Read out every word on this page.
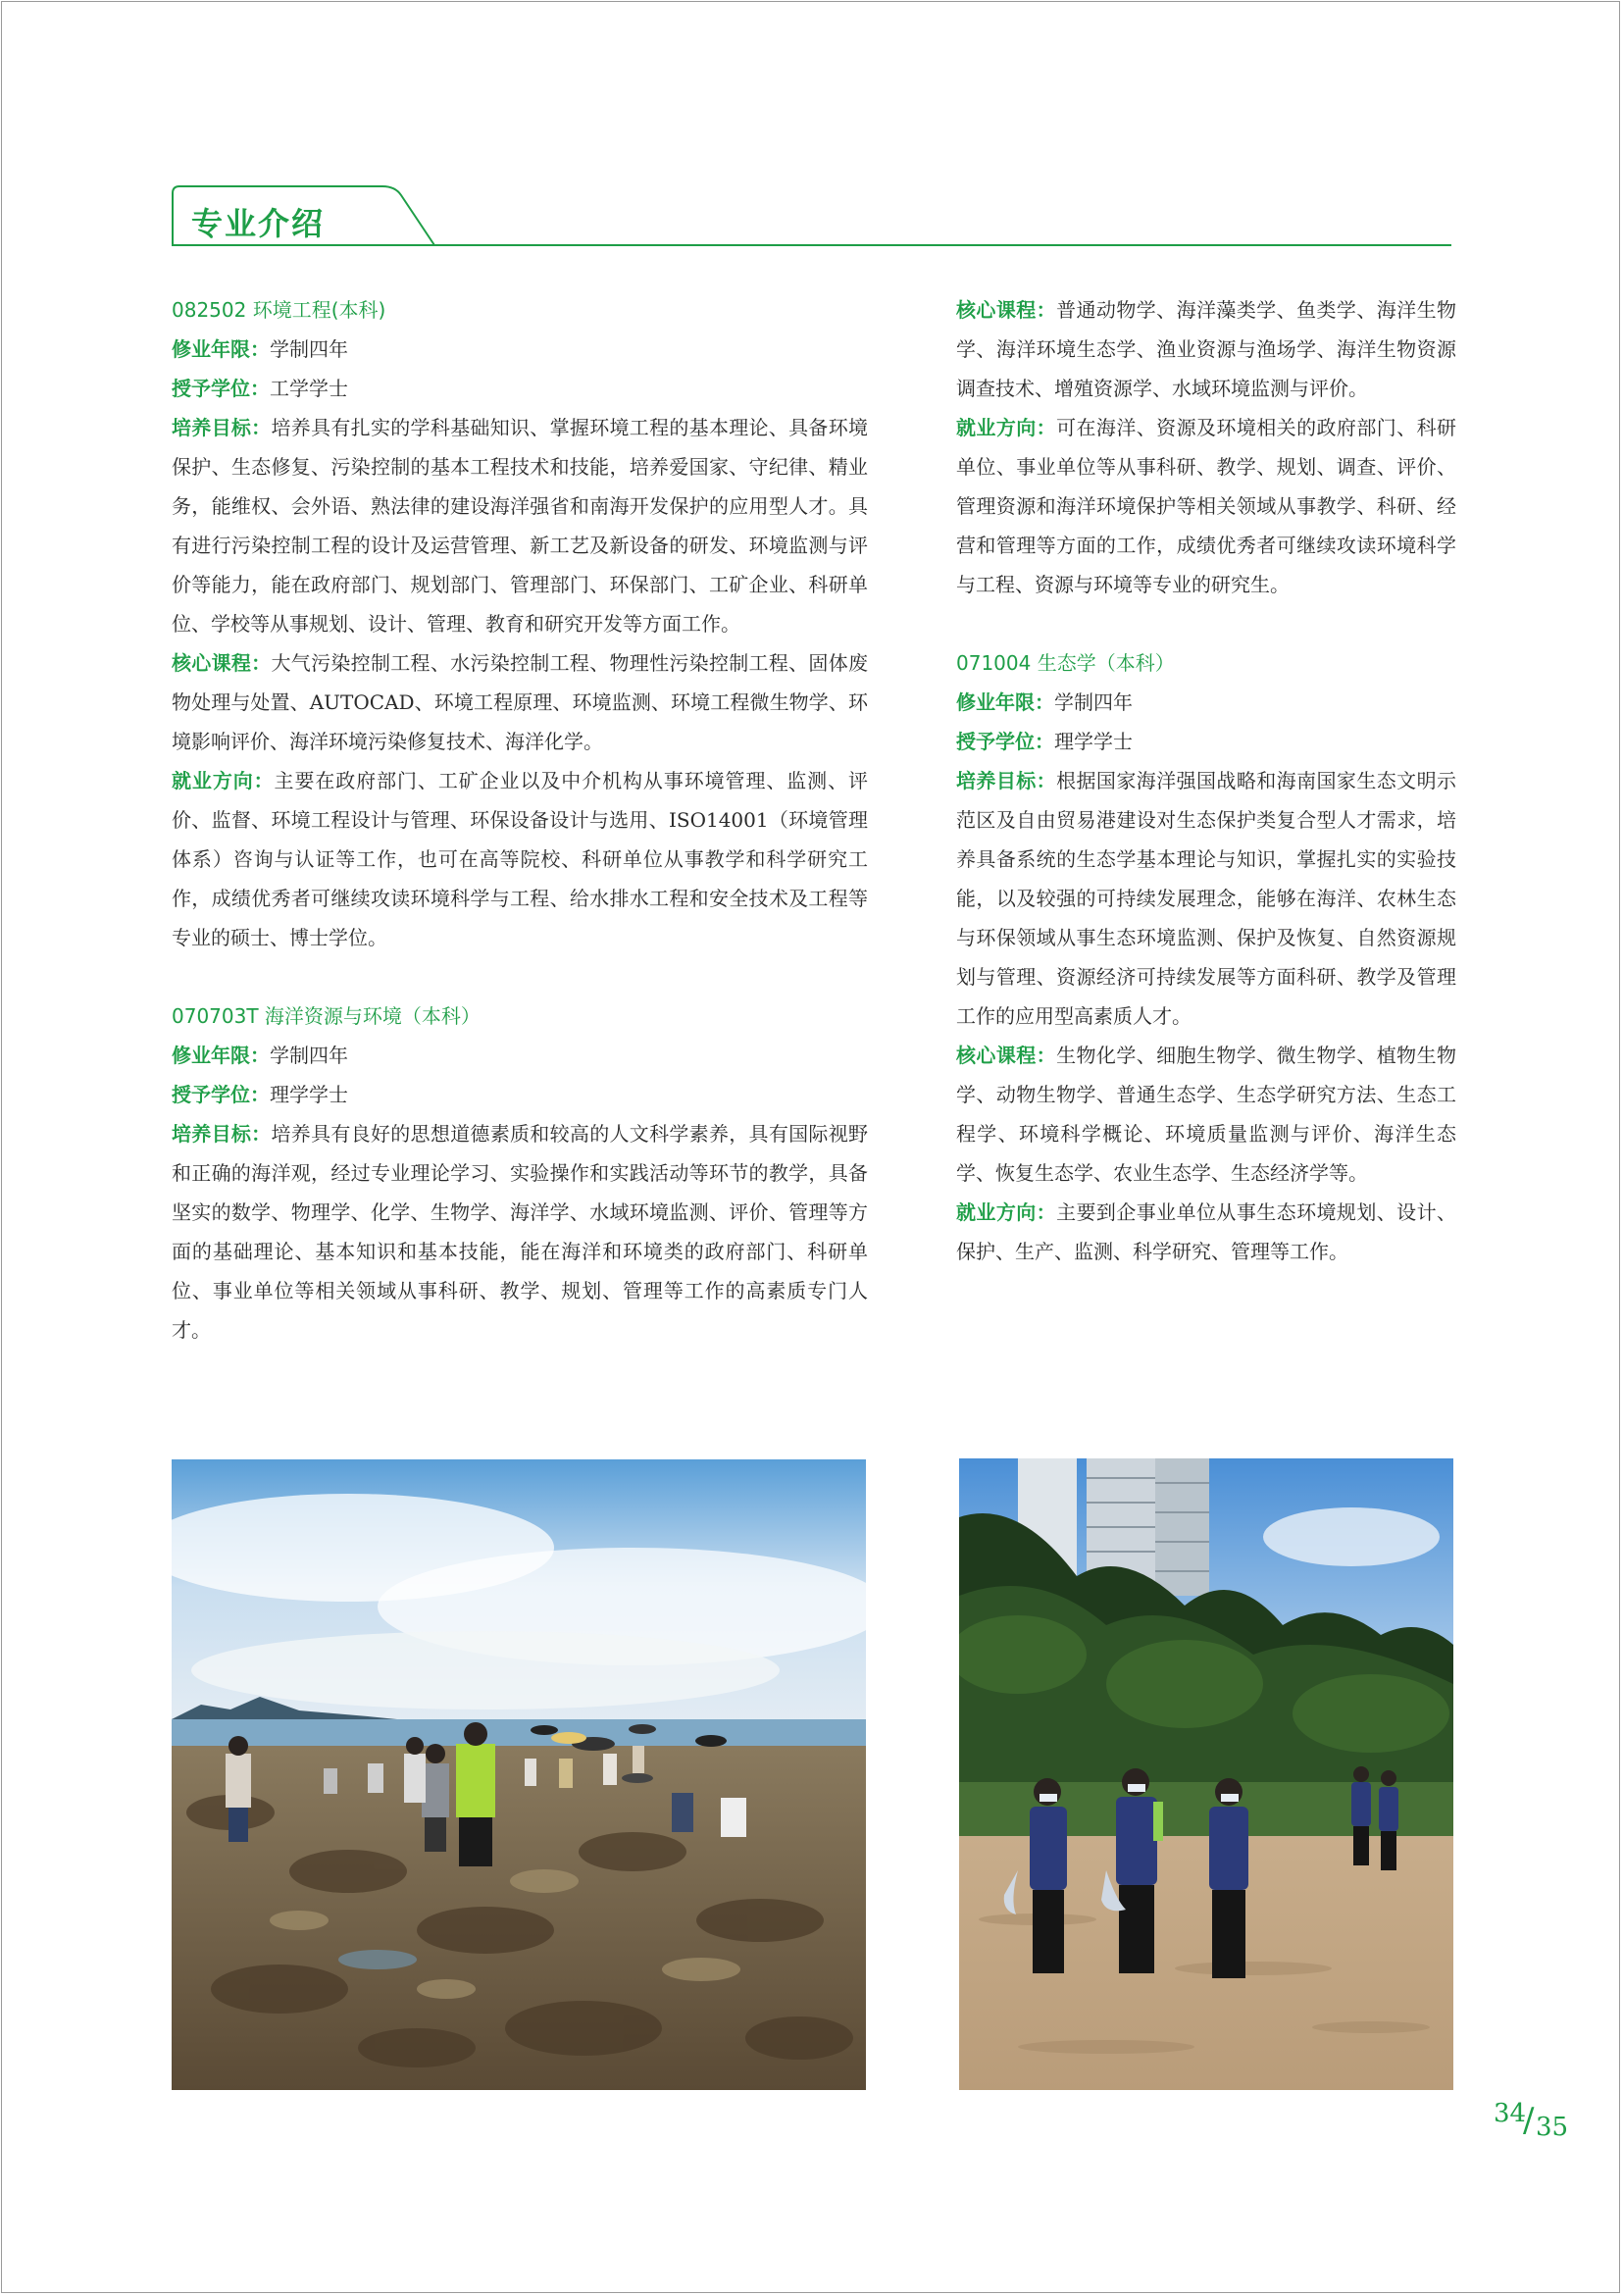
专业介绍
082502 环境工程(本科)

修业年限：学制四年

授予学位：工学学士

培养目标：培养具有扎实的学科基础知识、掌握环境工程的基本理论、具备环境保护、生态修复、污染控制的基本工程技术和技能，培养爱国家、守纪律、精业务，能维权、会外语、熟法律的建设海洋强省和南海开发保护的应用型人才。具有进行污染控制工程的设计及运营管理、新工艺及新设备的研发、环境监测与评价等能力，能在政府部门、规划部门、管理部门、环保部门、工矿企业、科研单位、学校等从事规划、设计、管理、教育和研究开发等方面工作。

核心课程：大气污染控制工程、水污染控制工程、物理性污染控制工程、固体废物处理与处置、AUTOCAD、环境工程原理、环境监测、环境工程微生物学、环境影响评价、海洋环境污染修复技术、海洋化学。

就业方向：主要在政府部门、工矿企业以及中介机构从事环境管理、监测、评价、监督、环境工程设计与管理、环保设备设计与选用、ISO14001（环境管理体系）咨询与认证等工作，也可在高等院校、科研单位从事教学和科学研究工作，成绩优秀者可继续攻读环境科学与工程、给水排水工程和安全技术及工程等专业的硕士、博士学位。

070703T 海洋资源与环境（本科）

修业年限：学制四年

授予学位：理学学士

培养目标：培养具有良好的思想道德素质和较高的人文科学素养，具有国际视野和正确的海洋观，经过专业理论学习、实验操作和实践活动等环节的教学，具备坚实的数学、物理学、化学、生物学、海洋学、水域环境监测、评价、管理等方面的基础理论、基本知识和基本技能，能在海洋和环境类的政府部门、科研单位、事业单位等相关领域从事科研、教学、规划、管理等工作的高素质专门人才。

核心课程：普通动物学、海洋藻类学、鱼类学、海洋生物学、海洋环境生态学、渔业资源与渔场学、海洋生物资源调查技术、增殖资源学、水域环境监测与评价。

就业方向：可在海洋、资源及环境相关的政府部门、科研单位、事业单位等从事科研、教学、规划、调查、评价、管理资源和海洋环境保护等相关领域从事教学、科研、经营和管理等方面的工作，成绩优秀者可继续攻读环境科学与工程、资源与环境等专业的研究生。

071004 生态学（本科）

修业年限：学制四年

授予学位：理学学士

培养目标：根据国家海洋强国战略和海南国家生态文明示范区及自由贸易港建设对生态保护类复合型人才需求，培养具备系统的生态学基本理论与知识，掌握扎实的实验技能，以及较强的可持续发展理念，能够在海洋、农林生态与环保领域从事生态环境监测、保护及恢复、自然资源规划与管理、资源经济可持续发展等方面科研、教学及管理工作的应用型高素质人才。

核心课程：生物化学、细胞生物学、微生物学、植物生物学、动物生物学、普通生态学、生态学研究方法、生态工程学、环境科学概论、环境质量监测与评价、海洋生态学、恢复生态学、农业生态学、生态经济学等。

就业方向：主要到企事业单位从事生态环境规划、设计、保护、生产、监测、科学研究、管理等工作。

34
/ 35
